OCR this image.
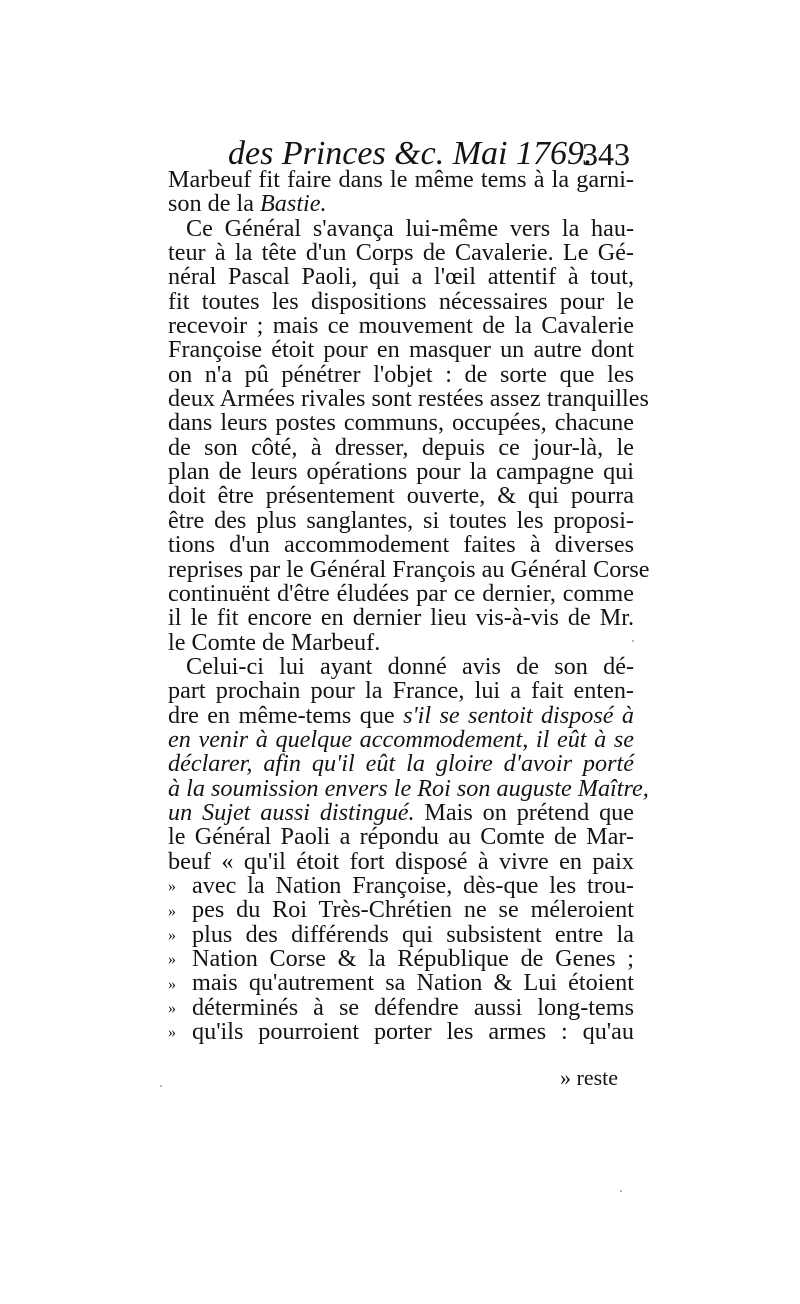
des Princes &c. Mai 1769.
343
Marbeuf fit faire dans le même tems à la garni-
son de la Bastie.
Ce Général s'avança lui-même vers la hau-
teur à la tête d'un Corps de Cavalerie. Le Gé-
néral Pascal Paoli, qui a l'œil attentif à tout,
fit toutes les dispositions nécessaires pour le
recevoir ; mais ce mouvement de la Cavalerie
Françoise étoit pour en masquer un autre dont
on n'a pû pénétrer l'objet : de sorte que les
deux Armées rivales sont restées assez tranquilles
dans leurs postes communs, occupées, chacune
de son côté, à dresser, depuis ce jour-là, le
plan de leurs opérations pour la campagne qui
doit être présentement ouverte, & qui pourra
être des plus sanglantes, si toutes les proposi-
tions d'un accommodement faites à diverses
reprises par le Général François au Général Corse
continuënt d'être éludées par ce dernier, comme
il le fit encore en dernier lieu vis-à-vis de Mr.
le Comte de Marbeuf.
Celui-ci lui ayant donné avis de son dé-
part prochain pour la France, lui a fait enten-
dre en même-tems que s'il se sentoit disposé à
en venir à quelque accommodement, il eût à se
déclarer, afin qu'il eût la gloire d'avoir porté
à la soumission envers le Roi son auguste Maître,
un Sujet aussi distingué. Mais on prétend que
le Général Paoli a répondu au Comte de Mar-
beuf « qu'il étoit fort disposé à vivre en paix
» avec la Nation Françoise, dès-que les trou-
» pes du Roi Très-Chrétien ne se méleroient
» plus des différends qui subsistent entre la
» Nation Corse & la République de Genes ;
» mais qu'autrement sa Nation & Lui étoient
» déterminés à se défendre aussi long-tems
» qu'ils pourroient porter les armes : qu'au
» reste
